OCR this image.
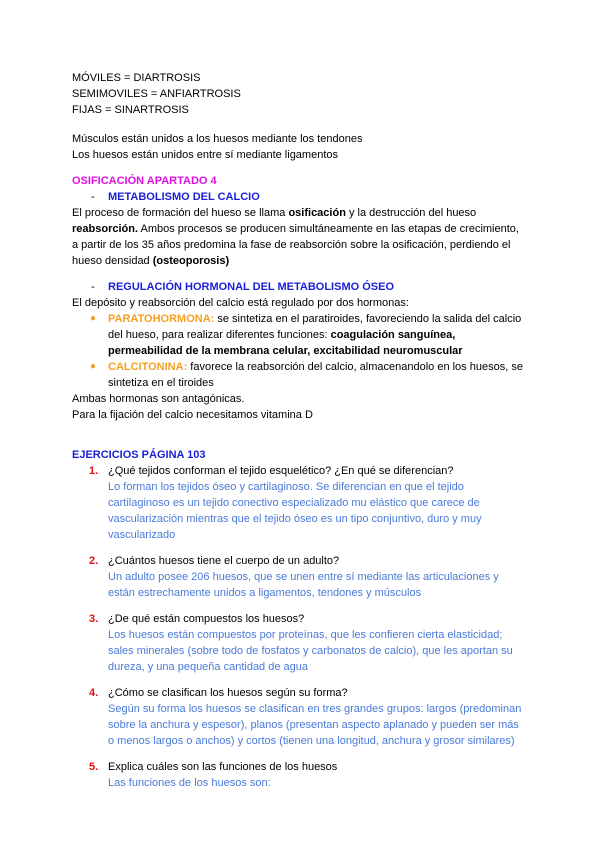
MÓVILES = DIARTROSIS
SEMIMOVILES = ANFIARTROSIS
FIJAS = SINARTROSIS
Músculos están unidos a los huesos mediante los tendones
Los huesos están unidos entre sí mediante ligamentos
OSIFICACIÓN APARTADO 4
- METABOLISMO DEL CALCIO
El proceso de formación del hueso se llama osificación y la destrucción del hueso
reabsorción. Ambos procesos se producen simultáneamente en las etapas de crecimiento,
a partir de los 35 años predomina la fase de reabsorción sobre la osificación, perdiendo el
hueso densidad (osteoporosis)
- REGULACIÓN HORMONAL DEL METABOLISMO ÓSEO
El depósito y reabsorción del calcio está regulado por dos hormonas:
● PARATOHORMONA: se sintetiza en el paratiroides, favoreciendo la salida del calcio
del hueso, para realizar diferentes funciones: coagulación sanguínea,
permeabilidad de la membrana celular, excitabilidad neuromuscular
● CALCITONINA: favorece la reabsorción del calcio, almacenandolo en los huesos, se
sintetiza en el tiroides
Ambas hormonas son antagónicas.
Para la fijación del calcio necesitamos vitamina D
EJERCICIOS PÁGINA 103
1. ¿Qué tejidos conforman el tejido esquelético? ¿En qué se diferencian?
Lo forman los tejidos óseo y cartilaginoso. Se diferencian en que el tejido
cartilaginoso es un tejido conectivo especializado mu elástico que carece de
vascularización mientras que el tejido óseo es un tipo conjuntivo, duro y muy
vascularizado
2. ¿Cuántos huesos tiene el cuerpo de un adulto?
Un adulto posee 206 huesos, que se unen entre sí mediante las articulaciones y
están estrechamente unidos a ligamentos, tendones y músculos
3. ¿De qué están compuestos los huesos?
Los huesos están compuestos por proteínas, que les confieren cierta elasticidad;
sales minerales (sobre todo de fosfatos y carbonatos de calcio), que les aportan su
dureza, y una pequeña cantidad de agua
4. ¿Cómo se clasifican los huesos según su forma?
Según su forma los huesos se clasifican en tres grandes grupos: largos (predominan
sobre la anchura y espesor), planos (presentan aspecto aplanado y pueden ser más
o menos largos o anchos) y cortos (tienen una longitud, anchura y grosor similares)
5. Explica cuáles son las funciones de los huesos
Las funciones de los huesos son:
